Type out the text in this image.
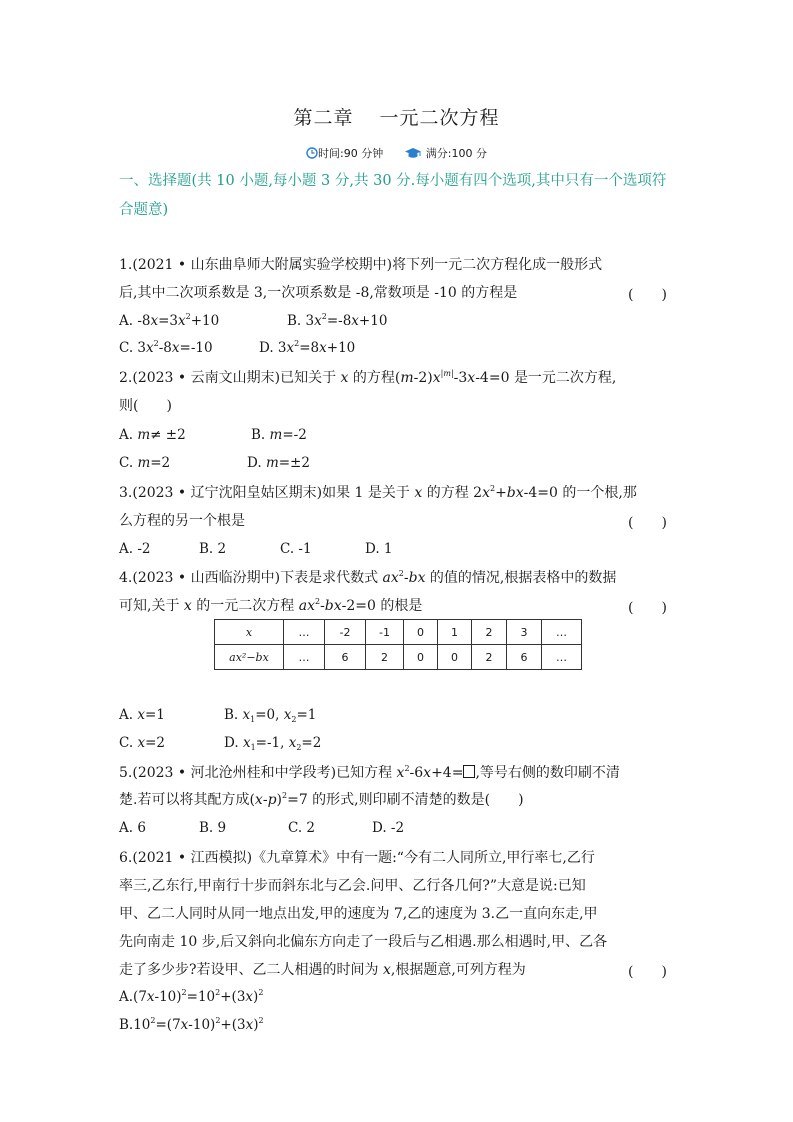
第二章 一元二次方程
时间:90 分钟	满分:100 分
一、选择题(共 10 小题,每小题 3 分,共 30 分.每小题有四个选项,其中只有一个选项符合题意)
1.(2021 • 山东曲阜师大附属实验学校期中)将下列一元二次方程化成一般形式
后,其中二次项系数是 3,一次项系数是 -8,常数项是 -10 的方程是	(　　)
A. $-8x=3x^2+10$	B. $3x^2=-8x+10$
C. $3x^2-8x=-10$	D. $3x^2=8x+10$
2.(2023 • 云南文山期末)已知关于 x 的方程$(m-2)x^{|m|}-3x-4=0$ 是一元二次方程,
则(　　)
A. m≠ ±2	B. m=-2
C. m=2	D. m=±2
3.(2023 • 辽宁沈阳皇姑区期末)如果 1 是关于 x 的方程 $2x^2+bx-4=0$ 的一个根,那
么方程的另一个根是	(　　)
A. -2	B. 2	C. -1	D. 1
4.(2023 • 山西临汾期中)下表是求代数式 $ax^2-bx$ 的值的情况,根据表格中的数据
可知,关于 x 的一元二次方程 $ax^2-bx-2=0$ 的根是	(　　)
x	…	-2	-1	0	1	2	3	…
ax²−bx	…	6	2	0	0	2	6	…
A. x=1	B. $x_1=0$, $x_2=1$
C. x=2	D. $x_1=-1$, $x_2=2$
5.(2023 • 河北沧州桂和中学段考)已知方程 $x^2-6x+4=$ ,等号右侧的数印刷不清
楚.若可以将其配方成$(x-p)^2=7$ 的形式,则印刷不清楚的数是(　　)
A. 6	B. 9	C. 2	D. -2
6.(2021 • 江西模拟)《九章算术》中有一题:“今有二人同所立,甲行率七,乙行
率三,乙东行,甲南行十步而斜东北与乙会.问甲、乙行各几何?”大意是说:已知
甲、乙二人同时从同一地点出发,甲的速度为 7,乙的速度为 3.乙一直向东走,甲
先向南走 10 步,后又斜向北偏东方向走了一段后与乙相遇.那么相遇时,甲、乙各
走了多少步?若设甲、乙二人相遇的时间为 x,根据题意,可列方程为	(　　)
$A.(7x-10)^2=10^2+(3x)^2$
$B.10^2=(7x-10)^2+(3x)^2$
